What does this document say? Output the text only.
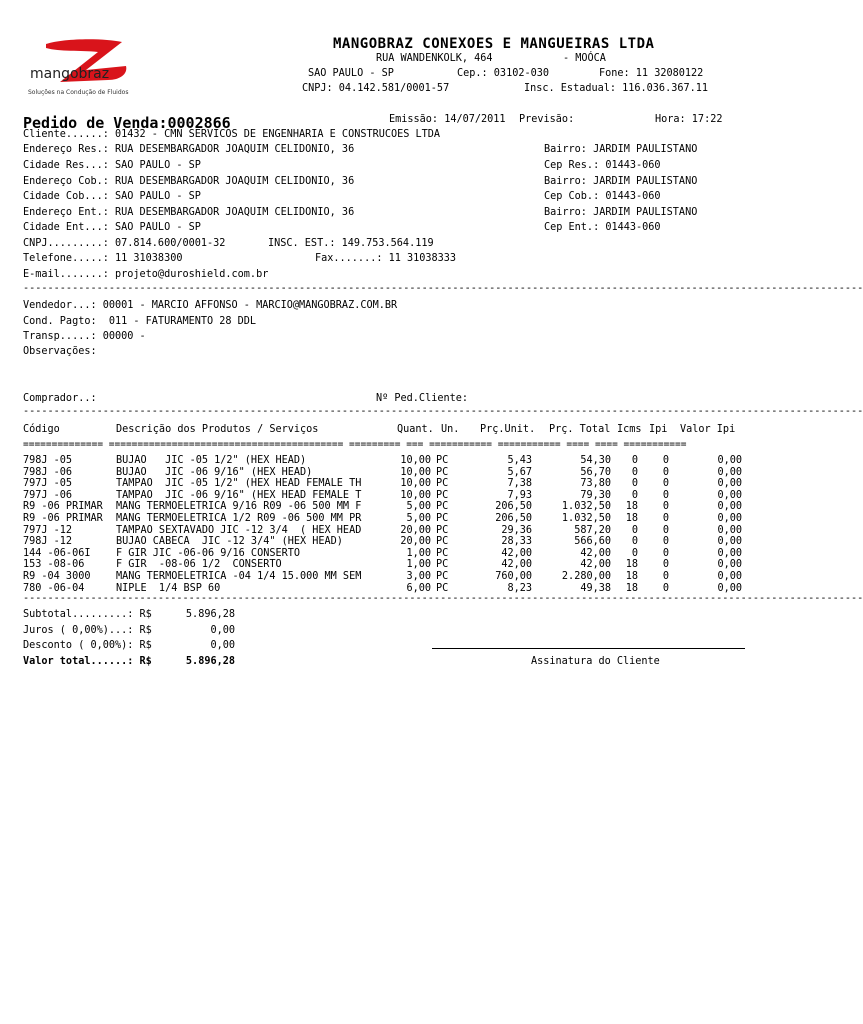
mangobraz
Soluções na Condução de Fluidos
MANGOBRAZ CONEXOES E MANGUEIRAS LTDA
RUA WANDENKOLK, 464	- MOÓCA
SAO PAULO - SP	Cep.: 03102-030	Fone: 11 32080122
CNPJ: 04.142.581/0001-57	Insc. Estadual: 116.036.367.11
Pedido de Venda:0002866	Emissão: 14/07/2011 Previsão:	Hora: 17:22
Cliente......: 01432 - CMN SERVICOS DE ENGENHARIA E CONSTRUCOES LTDA
Endereço Res.: RUA DESEMBARGADOR JOAQUIM CELIDONIO, 36	Bairro: JARDIM PAULISTANO
Cidade Res...: SAO PAULO - SP	Cep Res.: 01443-060
Endereço Cob.: RUA DESEMBARGADOR JOAQUIM CELIDONIO, 36	Bairro: JARDIM PAULISTANO
Cidade Cob...: SAO PAULO - SP	Cep Cob.: 01443-060
Endereço Ent.: RUA DESEMBARGADOR JOAQUIM CELIDONIO, 36	Bairro: JARDIM PAULISTANO
Cidade Ent...: SAO PAULO - SP	Cep Ent.: 01443-060
CNPJ.........: 07.814.600/0001-32	INSC. EST.: 149.753.564.119
Telefone.....: 11 31038300	Fax.......: 11 31038333
E-mail.......: projeto@duroshield.com.br
-----------------------------------------------------------------------------------------------------------------------------------------
Vendedor...: 00001 - MARCIO AFFONSO - MARCIO@MANGOBRAZ.COM.BR
Cond. Pagto:  011 - FATURAMENTO 28 DDL
Transp.....: 00000 -
Observações:
Comprador..:	Nº Ped.Cliente:
-----------------------------------------------------------------------------------------------------------------------------------------
Código	Descrição dos Produtos / Serviços	Quant. Un. Prç.Unit. Prç. Total Icms Ipi Valor Ipi
============== ========================================= ========= === =========== =========== ==== ==== ===========
798J -05	BUJAO   JIC -05 1/2" (HEX HEAD)	10,00 PC	5,43	54,30	0	0	0,00
798J -06	BUJAO   JIC -06 9/16" (HEX HEAD)	10,00 PC	5,67	56,70	0	0	0,00
797J -05	TAMPAO  JIC -05 1/2" (HEX HEAD FEMALE TH	10,00 PC	7,38	73,80	0	0	0,00
797J -06	TAMPAO  JIC -06 9/16" (HEX HEAD FEMALE T	10,00 PC	7,93	79,30	0	0	0,00
R9 -06 PRIMAR	MANG TERMOELETRICA 9/16 R09 -06 500 MM F	5,00 PC	206,50	1.032,50	18	0	0,00
R9 -06 PRIMAR	MANG TERMOELETRICA 1/2 R09 -06 500 MM PR	5,00 PC	206,50	1.032,50	18	0	0,00
797J -12	TAMPAO SEXTAVADO JIC -12 3/4  ( HEX HEAD	20,00 PC	29,36	587,20	0	0	0,00
798J -12	BUJAO CABECA  JIC -12 3/4" (HEX HEAD)	20,00 PC	28,33	566,60	0	0	0,00
144 -06-06I	F GIR JIC -06-06 9/16 CONSERTO	1,00 PC	42,00	42,00	0	0	0,00
153 -08-06	F GIR  -08-06 1/2  CONSERTO	1,00 PC	42,00	42,00	18	0	0,00
R9 -04 3000	MANG TERMOELETRICA -04 1/4 15.000 MM SEM	3,00 PC	760,00	2.280,00	18	0	0,00
780 -06-04	NIPLE  1/4 BSP 60	6,00 PC	8,23	49,38	18	0	0,00
-----------------------------------------------------------------------------------------------------------------------------------------
Subtotal.........: R$	5.896,28
Juros ( 0,00%)...: R$	0,00
Desconto ( 0,00%): R$	0,00
Valor total......: R$	5.896,28	Assinatura do Cliente
